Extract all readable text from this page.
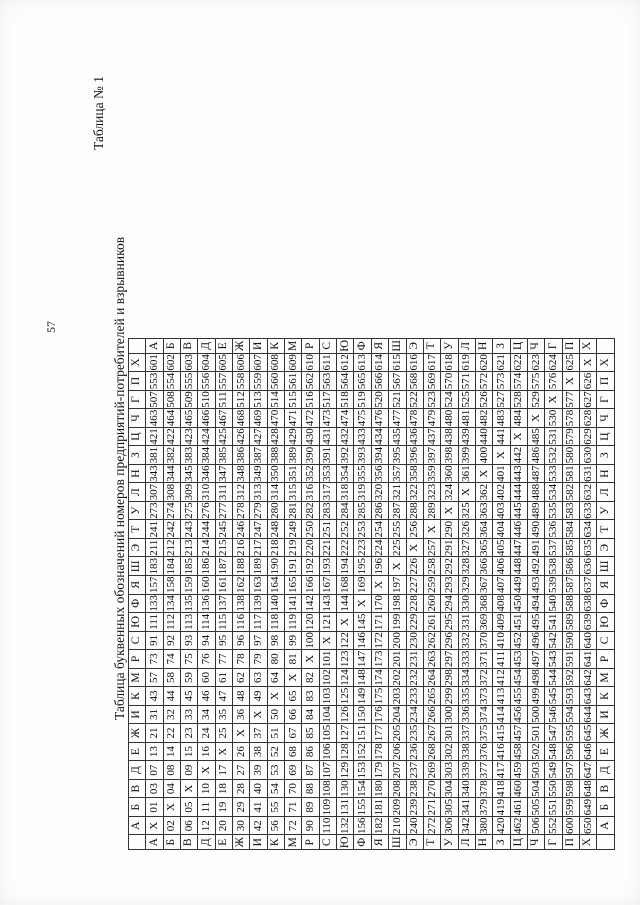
57	Таблица буквенных обозначений номеров предприятий-потребителей и взрывников
Таблица № 1
	А	Б	В	Д	Е	Ж	И	К	М	Р	С	Ю	Ф	Я	Ш	Э	Т	У	Л	Н	З	Ц	Ч	Г	П	Х	
А	Х	01	03	07	13	21	31	43	57	73	91	111	133	157	183	211	241	273	307	343	381	421	463	507	553	601	А
Б	02	Х	04	08	14	22	32	44	58	74	92	112	134	158	184	212	242	274	308	344	382	422	464	508	554	602	Б
В	06	05	Х	09	15	23	33	45	59	75	93	113	135	159	185	213	243	275	309	345	383	423	465	509	555	603	В
Д	12	11	10	Х	16	24	34	46	60	76	94	114	136	160	186	214	244	276	310	346	384	424	466	510	556	604	Д
Е	20	19	18	17	Х	25	35	47	61	77	95	115	137	161	187	215	245	277	311	347	385	425	467	511	557	605	Е
Ж	30	29	28	27	26	Х	36	48	62	78	96	116	138	162	188	216	246	278	312	348	386	426	468	512	558	606	Ж
И	42	41	40	39	38	37	Х	49	63	79	97	117	139	163	189	217	247	279	313	349	387	427	469	513	559	607	И
К	56	55	54	53	52	51	50	Х	64	80	98	118	140	164	190	218	248	280	314	350	388	428	470	514	560	608	К
М	72	71	70	69	68	67	66	65	Х	81	99	119	141	165	191	219	249	281	315	351	389	429	471	515	561	609	М
Р	90	89	88	87	86	85	84	83	82	Х	100	120	142	166	192	220	250	282	316	352	390	430	472	516	562	610	Р
С	110	109	108	107	106	105	104	103	102	101	Х	121	143	167	193	221	251	283	317	353	391	431	473	517	563	611	С
Ю	132	131	130	129	128	127	126	125	124	123	122	Х	144	168	194	222	252	284	318	354	392	432	474	518	564	612	Ю
Ф	156	155	154	153	152	151	150	149	148	147	146	145	Х	169	195	223	253	285	319	355	393	433	475	519	565	613	Ф
Я	182	181	180	179	178	177	176	175	174	173	172	171	170	Х	196	224	254	286	320	356	394	434	476	520	566	614	Я
Ш	210	209	208	207	206	205	204	203	202	201	200	199	198	197	Х	225	255	287	321	357	395	435	477	521	567	615	Ш
Э	240	239	238	237	236	235	234	233	232	231	230	229	228	227	226	Х	256	288	322	358	396	436	478	522	568	616	Э
Т	272	271	270	269	268	267	266	265	264	263	262	261	260	259	258	257	Х	289	323	359	397	437	479	523	569	617	Т
У	306	305	304	303	302	301	300	299	298	297	296	295	294	293	292	291	290	Х	324	360	398	438	480	524	570	618	У
Л	342	341	340	339	338	337	336	335	334	333	332	331	330	329	328	327	326	325	Х	361	399	439	481	525	571	619	Л
Н	380	379	378	377	376	375	374	373	372	371	370	369	368	367	366	365	364	363	362	Х	400	440	482	526	572	620	Н
З	420	419	418	417	416	415	414	413	412	411	410	409	408	407	406	405	404	403	402	401	Х	441	483	527	573	621	З
Ц	462	461	460	459	458	457	456	455	454	453	452	451	450	449	448	447	446	445	444	443	442	Х	484	528	574	622	Ц
Ч	506	505	504	503	502	501	500	499	498	497	496	495	494	493	492	491	490	489	488	487	486	485	Х	529	575	623	Ч
Г	552	551	550	549	548	547	546	545	544	543	542	541	540	539	538	537	536	535	534	533	532	531	530	Х	576	624	Г
П	600	599	598	597	596	595	594	593	592	591	590	589	588	587	586	585	584	583	582	581	580	579	578	577	Х	625	П
Х	650	649	648	647	646	645	644	643	642	641	640	639	638	637	636	635	634	633	632	631	630	629	628	627	626	Х	Х
	А	Б	В	Д	Е	Ж	И	К	М	Р	С	Ю	Ф	Я	Ш	Э	Т	У	Л	Н	З	Ц	Ч	Г	П	Х	
